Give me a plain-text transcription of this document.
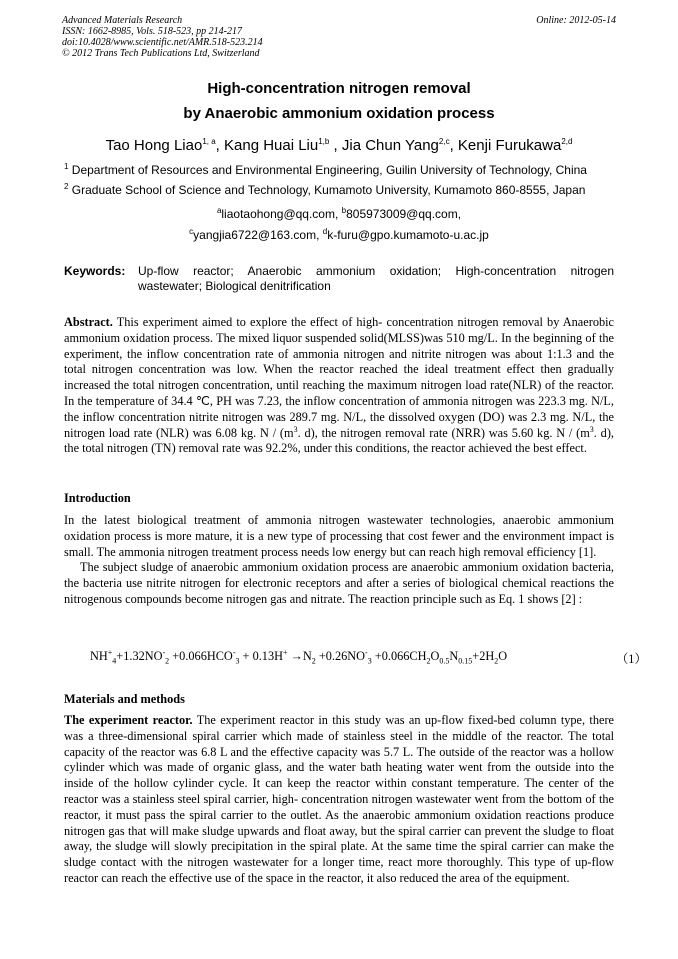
Advanced Materials Research
ISSN: 1662-8985, Vols. 518-523, pp 214-217
doi:10.4028/www.scientific.net/AMR.518-523.214
© 2012 Trans Tech Publications Ltd, Switzerland
Online: 2012-05-14
High-concentration nitrogen removal
by Anaerobic ammonium oxidation process
Tao Hong Liao$^{1, a}$, Kang Huai Liu$^{1,b}$ , Jia Chun Yang$^{2,c}$, Kenji Furukawa$^{2,d}$
$^1$ Department of Resources and Environmental Engineering, Guilin University of Technology, China
$^2$ Graduate School of Science and Technology, Kumamoto University, Kumamoto 860-8555, Japan
$^a$liaotaohong@qq.com, $^b$805973009@qq.com,
$^c$yangjia6722@163.com, $^d$k-furu@gpo.kumamoto-u.ac.jp
Keywords: Up-flow reactor; Anaerobic ammonium oxidation; High-concentration nitrogen wastewater; Biological denitrification

Abstract. This experiment aimed to explore the effect of high- concentration nitrogen removal by Anaerobic ammonium oxidation process. The mixed liquor suspended solid(MLSS)was 510 mg/L. In the beginning of the experiment, the inflow concentration rate of ammonia nitrogen and nitrite nitrogen was about 1:1.3 and the total nitrogen concentration was low. When the reactor reached the ideal treatment effect then gradually increased the total nitrogen concentration, until reaching the maximum nitrogen load rate(NLR) of the reactor. In the temperature of 34.4 ℃, PH was 7.23, the inflow concentration of ammonia nitrogen was 223.3 mg. N/L, the inflow concentration nitrite nitrogen was 289.7 mg. N/L, the dissolved oxygen (DO) was 2.3 mg. N/L, the nitrogen load rate (NLR) was 6.08 kg. N / ($m^3$. d), the nitrogen removal rate (NRR) was 5.60 kg. N / ($m^3$. d), the total nitrogen (TN) removal rate was 92.2%, under this conditions, the reactor achieved the best effect.

Introduction

In the latest biological treatment of ammonia nitrogen wastewater technologies, anaerobic ammonium oxidation process is more mature, it is a new type of processing that cost fewer and the environment impact is small. The ammonia nitrogen treatment process needs low energy but can reach high removal efficiency [1].

The subject sludge of anaerobic ammonium oxidation process are anaerobic ammonium oxidation bacteria, the bacteria use nitrite nitrogen for electronic receptors and after a series of biological chemical reactions the nitrogenous compounds become nitrogen gas and nitrate. The reaction principle such as Eq. 1 shows [2] :

$NH^+_4+1.32NO^-_2 +0.066HCO^-_3 + 0.13H^+ \to N_2 +0.26NO^-_3 +0.066CH_2O_{0.5}N_{0.15}+2H_2O$	（1）
Materials and methods

The experiment reactor. The experiment reactor in this study was an up-flow fixed-bed column type, there was a three-dimensional spiral carrier which made of stainless steel in the middle of the reactor. The total capacity of the reactor was 6.8 L and the effective capacity was 5.7 L. The outside of the reactor was a hollow cylinder which was made of organic glass, and the water bath heating water went from the outside into the inside of the hollow cylinder cycle. It can keep the reactor within constant temperature. The center of the reactor was a stainless steel spiral carrier, high- concentration nitrogen wastewater went from the bottom of the reactor, it must pass the spiral carrier to the outlet. As the anaerobic ammonium oxidation reactions produce nitrogen gas that will make sludge upwards and float away, but the spiral carrier can prevent the sludge to float away, the sludge will slowly precipitation in the spiral plate. At the same time the spiral carrier can make the sludge contact with the nitrogen wastewater for a longer time, react more thoroughly. This type of up-flow reactor can reach the effective use of the space in the reactor, it also reduced the area of the equipment.
